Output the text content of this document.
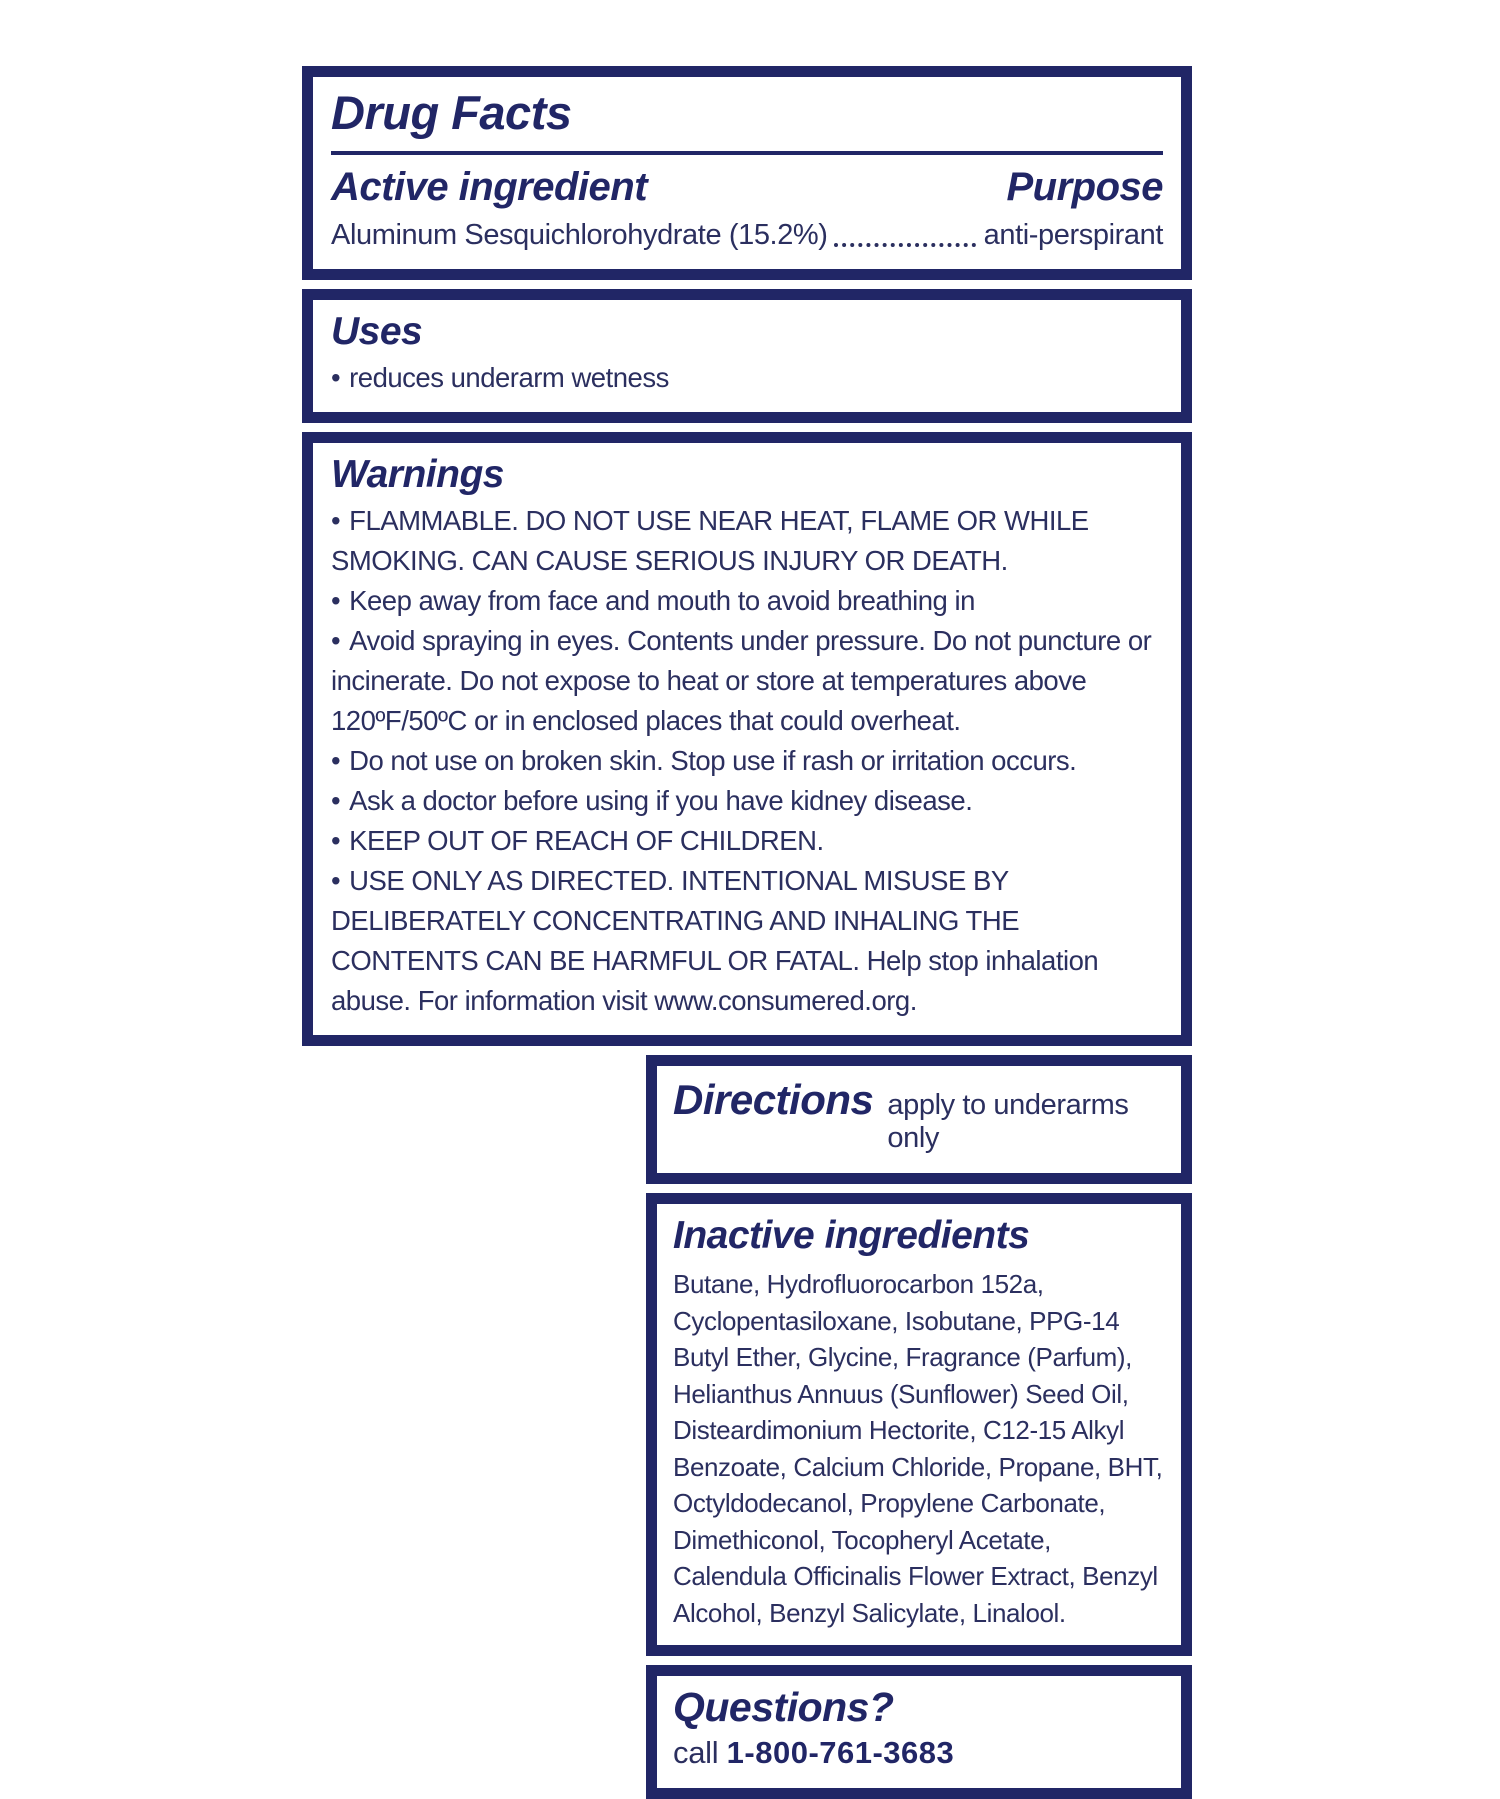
Drug Facts
Active ingredient	Purpose
Aluminum Sesquichlorohydrate (15.2%)	anti-perspirant
Uses
• reduces underarm wetness
Warnings
• FLAMMABLE. DO NOT USE NEAR HEAT, FLAME OR WHILE SMOKING. CAN CAUSE SERIOUS INJURY OR DEATH.
• Keep away from face and mouth to avoid breathing in
• Avoid spraying in eyes. Contents under pressure. Do not puncture or incinerate. Do not expose to heat or store at temperatures above 120ºF/50ºC or in enclosed places that could overheat.
• Do not use on broken skin. Stop use if rash or irritation occurs.
• Ask a doctor before using if you have kidney disease.
• KEEP OUT OF REACH OF CHILDREN.
• USE ONLY AS DIRECTED. INTENTIONAL MISUSE BY DELIBERATELY CONCENTRATING AND INHALING THE CONTENTS CAN BE HARMFUL OR FATAL. Help stop inhalation abuse. For information visit www.consumered.org.
Directions apply to underarms only
Inactive ingredients
Butane, Hydrofluorocarbon 152a, Cyclopentasiloxane, Isobutane, PPG-14 Butyl Ether, Glycine, Fragrance (Parfum), Helianthus Annuus (Sunflower) Seed Oil, Disteardimonium Hectorite, C12-15 Alkyl Benzoate, Calcium Chloride, Propane, BHT, Octyldodecanol, Propylene Carbonate, Dimethiconol, Tocopheryl Acetate, Calendula Officinalis Flower Extract, Benzyl Alcohol, Benzyl Salicylate, Linalool.
Questions?
call 1-800-761-3683
